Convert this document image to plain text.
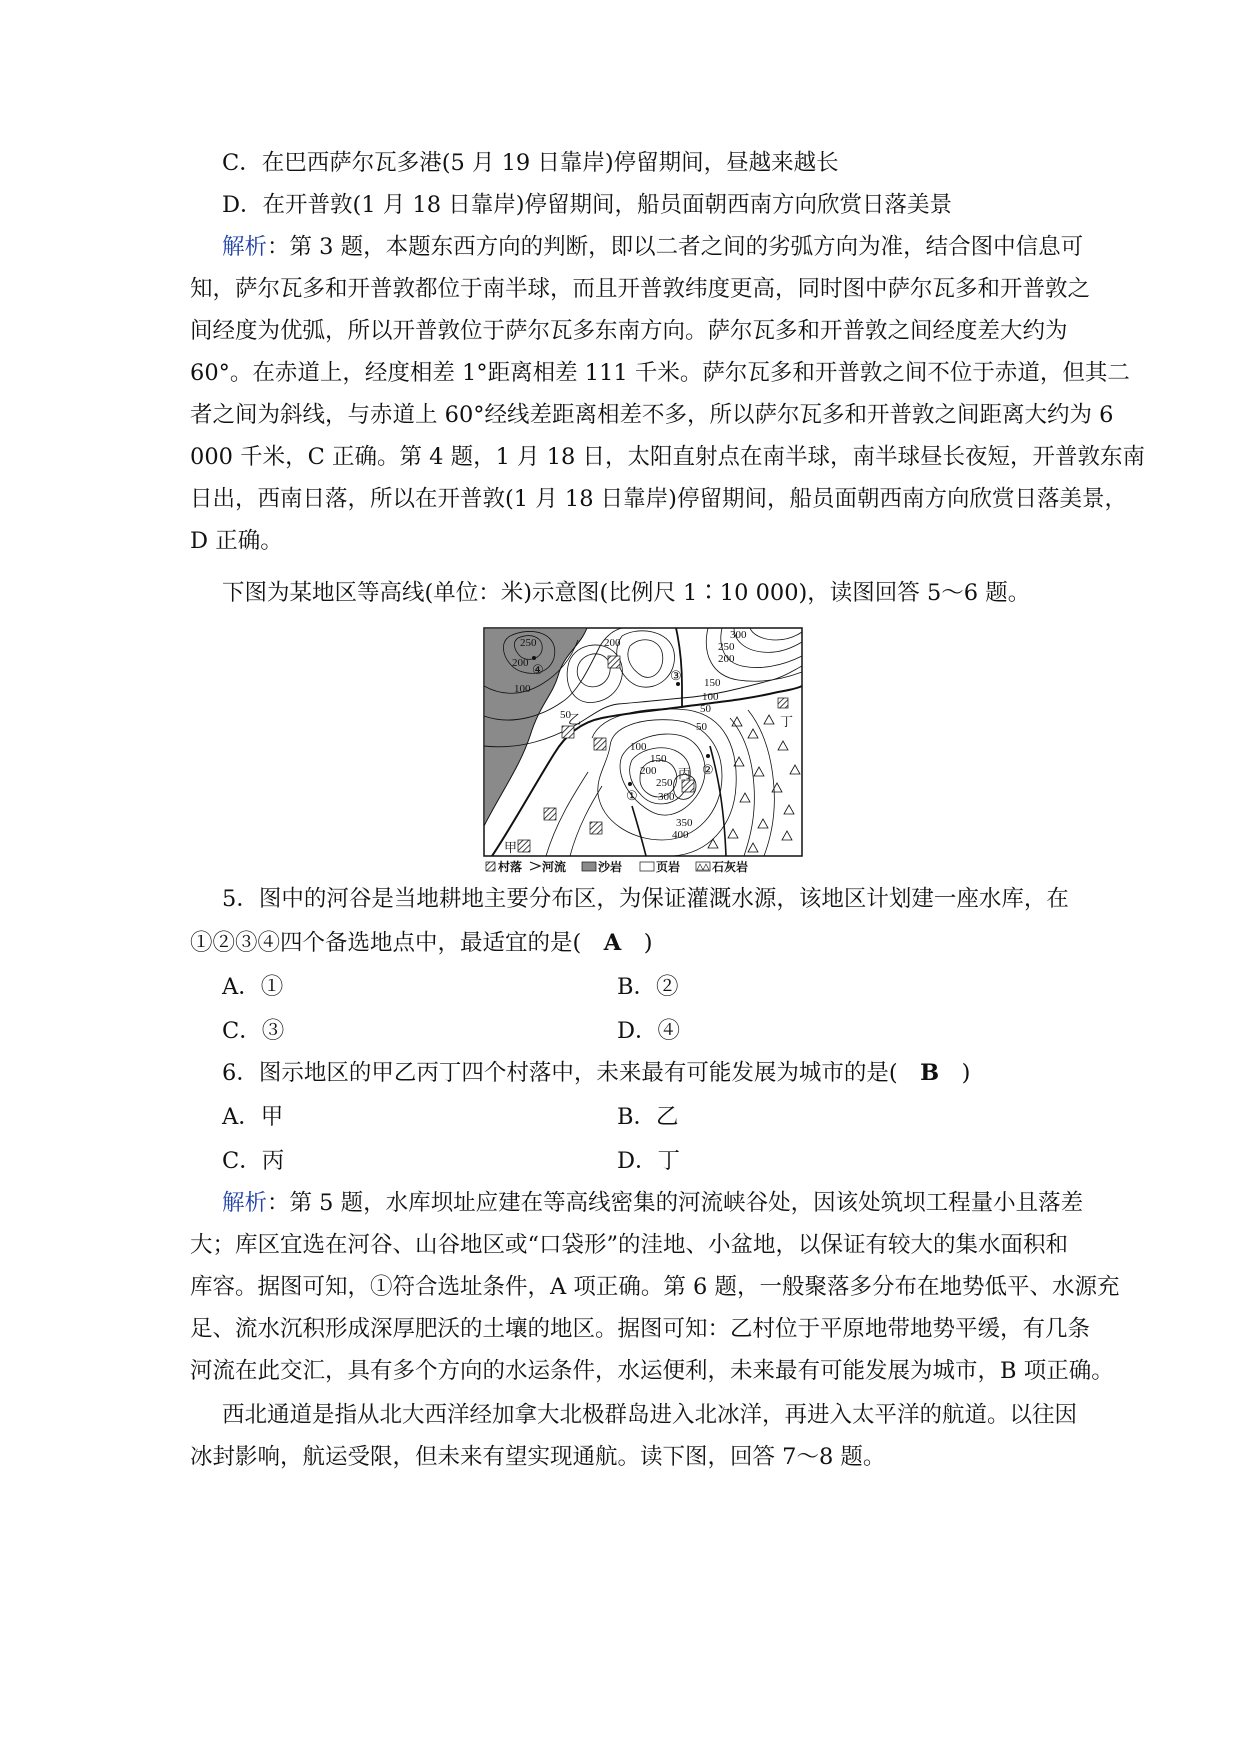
C．在巴西萨尔瓦多港(5 月 19 日靠岸)停留期间，昼越来越长
D．在开普敦(1 月 18 日靠岸)停留期间，船员面朝西南方向欣赏日落美景
解析：第 3 题，本题东西方向的判断，即以二者之间的劣弧方向为准，结合图中信息可
知，萨尔瓦多和开普敦都位于南半球，而且开普敦纬度更高，同时图中萨尔瓦多和开普敦之
间经度为优弧，所以开普敦位于萨尔瓦多东南方向。萨尔瓦多和开普敦之间经度差大约为
60°。在赤道上，经度相差 1°距离相差 111 千米。萨尔瓦多和开普敦之间不位于赤道，但其二
者之间为斜线，与赤道上 60°经线差距离相差不多，所以萨尔瓦多和开普敦之间距离大约为 6
000 千米，C 正确。第 4 题，1 月 18 日，太阳直射点在南半球，南半球昼长夜短，开普敦东南
日出，西南日落，所以在开普敦(1 月 18 日靠岸)停留期间，船员面朝西南方向欣赏日落美景，
D 正确。
下图为某地区等高线(单位：米)示意图(比例尺 1∶10 000)，读图回答 5～6 题。
250
200
100
50
200
300
250
200
150
100
50
50
100
150
200
250
300
350
400
④	③
②
①
甲
乙
丙
丁
村落 河流	沙岩	页岩	石灰岩
5．图中的河谷是当地耕地主要分布区，为保证灌溉水源，该地区计划建一座水库，在
①②③④四个备选地点中，最适宜的是(　A　)
A．①	B．②
C．③	D．④
6．图示地区的甲乙丙丁四个村落中，未来最有可能发展为城市的是(　B　)
A．甲	B．乙
C．丙	D．丁
解析：第 5 题，水库坝址应建在等高线密集的河流峡谷处，因该处筑坝工程量小且落差
大；库区宜选在河谷、山谷地区或“口袋形”的洼地、小盆地，以保证有较大的集水面积和
库容。据图可知，①符合选址条件，A 项正确。第 6 题，一般聚落多分布在地势低平、水源充
足、流水沉积形成深厚肥沃的土壤的地区。据图可知：乙村位于平原地带地势平缓，有几条
河流在此交汇，具有多个方向的水运条件，水运便利，未来最有可能发展为城市，B 项正确。
西北通道是指从北大西洋经加拿大北极群岛进入北冰洋，再进入太平洋的航道。以往因
冰封影响，航运受限，但未来有望实现通航。读下图，回答 7～8 题。
